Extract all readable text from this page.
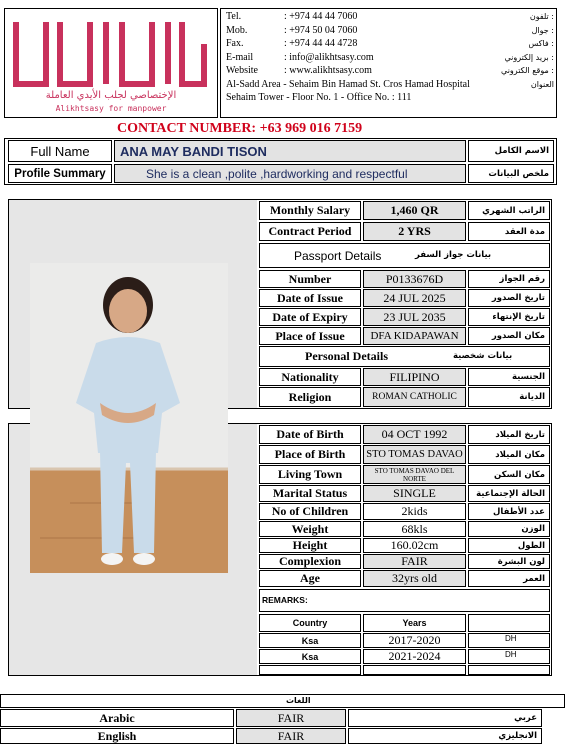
الإختصاصي لجلب الأيدي العاملة
Alikhtsasy for manpower
Tel.	: +974 44 44 7060	تلفون :
Mob.	: +974 50 04 7060	جوال :
Fax.	: +974 44 44 4728	فاكس :
E-mail	: info@alikhtsasy.com	بريد إلكتروني :
Website	: www.alikhtsasy.com	موقع الكتروني :
Al-Sadd Area - Sehaim Bin Hamad St. Cros Hamad Hospital	العنوان
Sehaim Tower - Floor No. 1 - Office No. : 111
CONTACT NUMBER: +63 969 016 7159
Full Name	ANA MAY BANDI TISON	الاسم الكامل
Profile Summary	She is a clean ,polite ,hardworking and respectful	ملخص البيانات
Monthly Salary	1,460 QR	الراتب الشهري
Contract Period	2 YRS	مدة العقد
Passport Details	بيانات جواز السفر
Number	P0133676D	رقم الجواز
Date of Issue	24 JUL 2025	تاريخ الصدور
Date of Expiry	23 JUL 2035	تاريخ الإنتهاء
Place of Issue	DFA KIDAPAWAN	مكان الصدور
Personal Details	بيانات شخصية
Nationality	FILIPINO	الجنسية
Religion	ROMAN CATHOLIC	الديانة
Date of Birth	04 OCT 1992	تاريخ الميلاد
Place of Birth	STO TOMAS DAVAO	مكان الميلاد
Living Town	STO TOMAS DAVAO DEL NORTE	مكان السكن
Marital Status	SINGLE	الحالة الإجتماعية
No of Children	2kids	عدد الأطفال
Weight	68kls	الوزن
Height	160.02cm	الطول
Complexion	FAIR	لون البشرة
Age	32yrs old	العمر
REMARKS:
Country	Years
Ksa	2017-2020	DH
Ksa	2021-2024	DH
اللغات
Arabic	FAIR	عربي
English	FAIR	الانجليزي
